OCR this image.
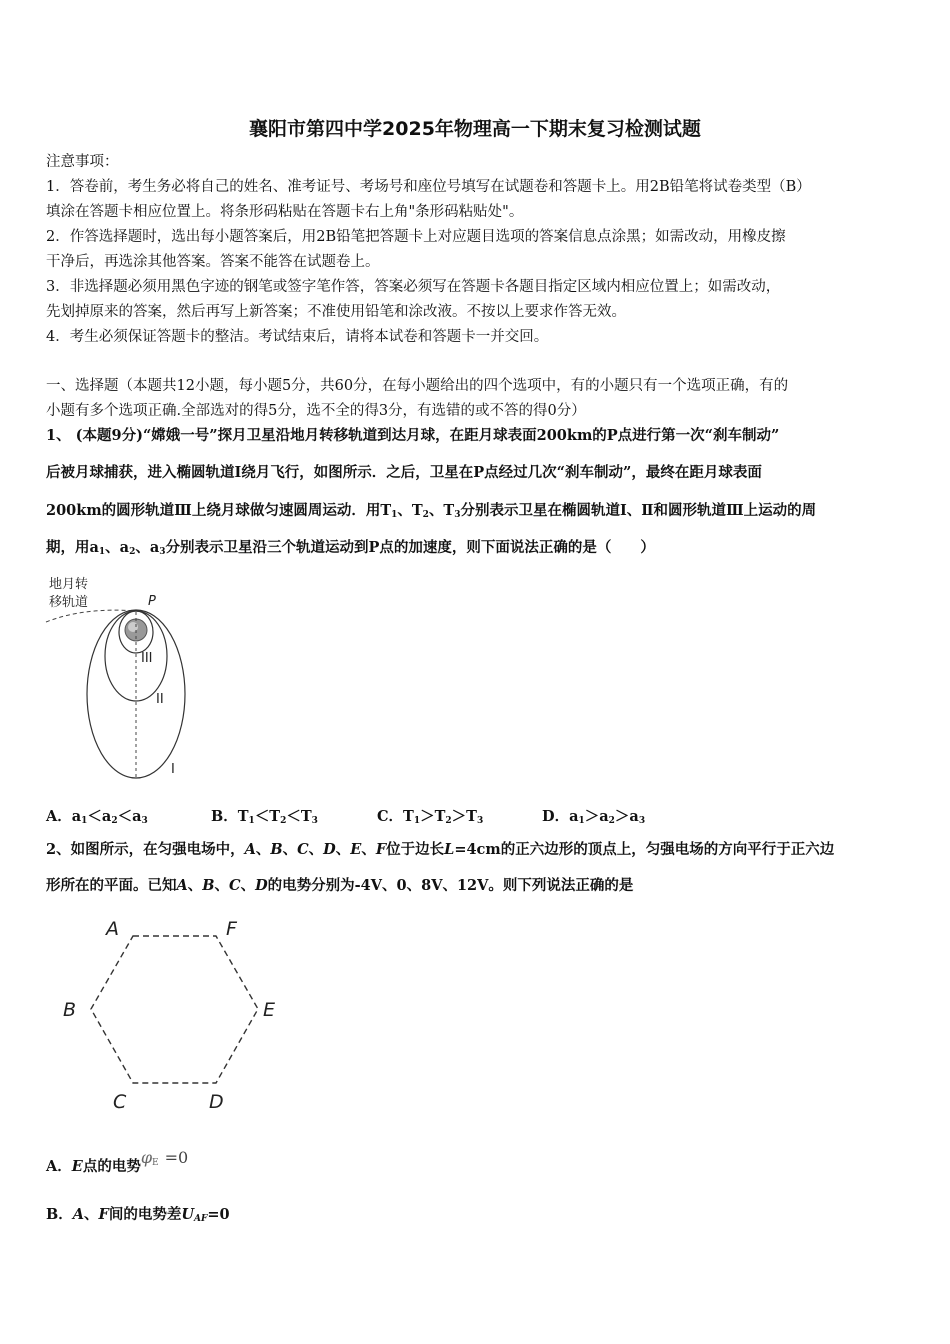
襄阳市第四中学2025年物理高一下期末复习检测试题
注意事项：
1．答卷前，考生务必将自己的姓名、准考证号、考场号和座位号填写在试题卷和答题卡上。用2B铅笔将试卷类型（B）
填涂在答题卡相应位置上。将条形码粘贴在答题卡右上角"条形码粘贴处"。
2．作答选择题时，选出每小题答案后，用2B铅笔把答题卡上对应题目选项的答案信息点涂黑；如需改动，用橡皮擦
干净后，再选涂其他答案。答案不能答在试题卷上。
3．非选择题必须用黑色字迹的钢笔或签字笔作答，答案必须写在答题卡各题目指定区域内相应位置上；如需改动，
先划掉原来的答案，然后再写上新答案；不准使用铅笔和涂改液。不按以上要求作答无效。
4．考生必须保证答题卡的整洁。考试结束后，请将本试卷和答题卡一并交回。
一、选择题（本题共12小题，每小题5分，共60分，在每小题给出的四个选项中，有的小题只有一个选项正确，有的
小题有多个选项正确.全部选对的得5分，选不全的得3分，有选错的或不答的得0分）
1、 (本题9分)“嫦娥一号”探月卫星沿地月转移轨道到达月球，在距月球表面200km的P点进行第一次“刹车制动”
后被月球捕获，进入椭圆轨道Ⅰ绕月飞行，如图所示．之后，卫星在P点经过几次“刹车制动”，最终在距月球表面
200km的圆形轨道Ⅲ上绕月球做匀速圆周运动．用$T_1$、$T_2$、$T_3$分别表示卫星在椭圆轨道Ⅰ、Ⅱ和圆形轨道Ⅲ上运动的周
期，用$a_1$、$a_2$、$a_3$分别表示卫星沿三个轨道运动到P点的加速度，则下面说法正确的是（　　）
地月转
移轨道	P
III
II
I
A．$a_1<a_2<a_3$	B．$T_1<T_2<T_3$	C．$T_1>T_2>T_3$	D．$a_1>a_2>a_3$
2、如图所示，在匀强电场中，A、B、C、D、E、F位于边长L=4cm的正六边形的顶点上，匀强电场的方向平行于正六边
形所在的平面。已知A、B、C、D的电势分别为-4V、0、8V、12V。则下列说法正确的是
A	F
B	E
C	D
A．E点的电势$\varphi_E =0$
B．A、F间的电势差$U_{AF}=0$
